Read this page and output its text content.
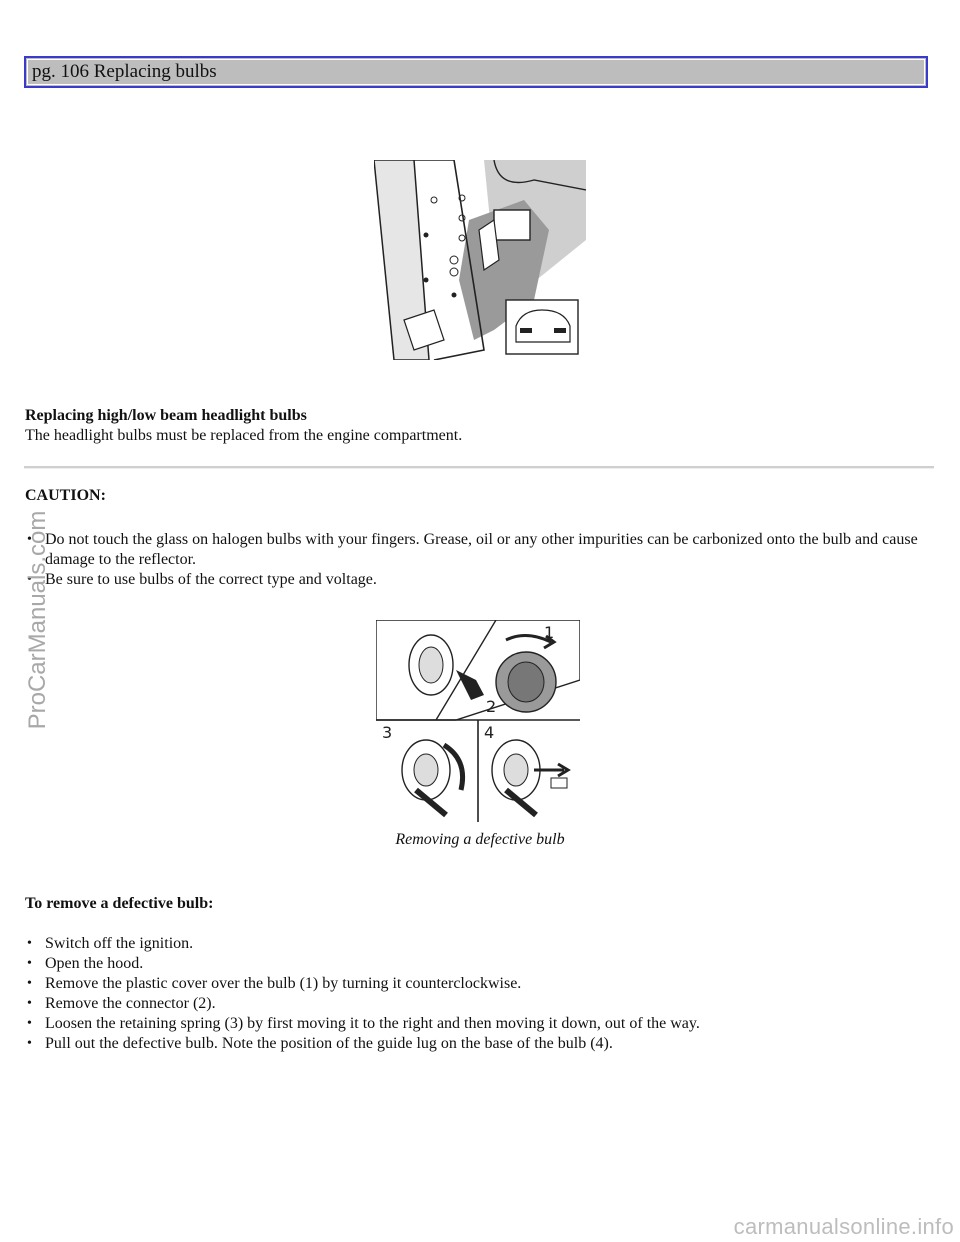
pg. 106 Replacing bulbs

Replacing high/low beam headlight bulbs
The headlight bulbs must be replaced from the engine compartment.
CAUTION:
• Do not touch the glass on halogen bulbs with your fingers. Grease, oil or any other impurities can be carbonized onto the bulb and cause damage to the reflector.
• Be sure to use bulbs of the correct type and voltage.
1
2
3	4
Removing a defective bulb
To remove a defective bulb:
• Switch off the ignition.
• Open the hood.
• Remove the plastic cover over the bulb (1) by turning it counterclockwise.
• Remove the connector (2).
• Loosen the retaining spring (3) by first moving it to the right and then moving it down, out of the way.
• Pull out the defective bulb. Note the position of the guide lug on the base of the bulb (4).
ProCarManuals.com
carmanualsonline.info
